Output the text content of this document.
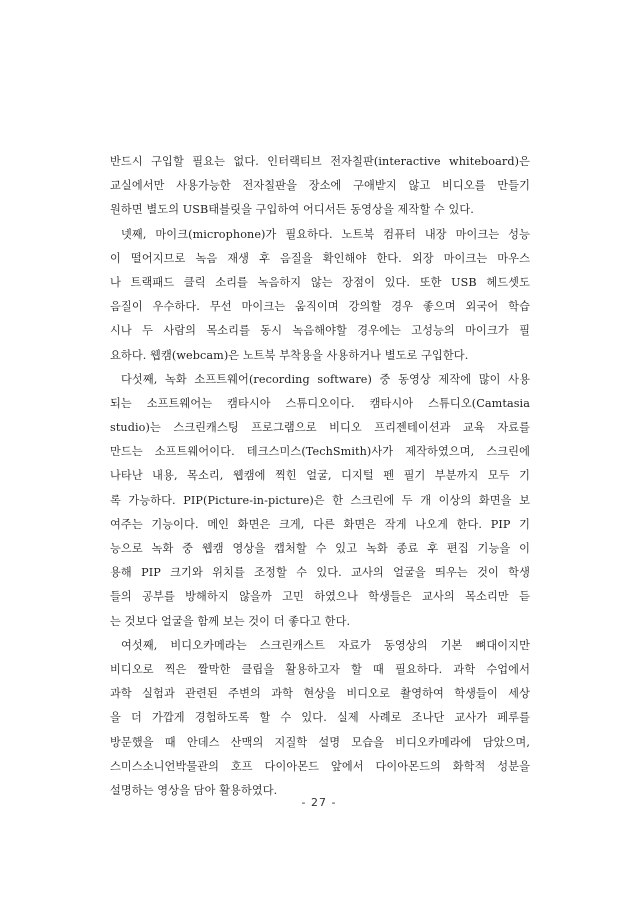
반드시 구입할 필요는 없다. 인터랙티브 전자칠판(interactive whiteboard)은
교실에서만 사용가능한 전자칠판을 장소에 구애받지 않고 비디오를 만들기
원하면 별도의 USB태블릿을 구입하여 어디서든 동영상을 제작할 수 있다.
넷째, 마이크(microphone)가 필요하다. 노트북 컴퓨터 내장 마이크는 성능
이 떨어지므로 녹음 재생 후 음질을 확인해야 한다. 외장 마이크는 마우스
나 트랙패드 클릭 소리를 녹음하지 않는 장점이 있다. 또한 USB 헤드셋도
음질이 우수하다. 무선 마이크는 움직이며 강의할 경우 좋으며 외국어 학습
시나 두 사람의 목소리를 동시 녹음해야할 경우에는 고성능의 마이크가 필
요하다. 웹캠(webcam)은 노트북 부착용을 사용하거나 별도로 구입한다.
다섯째, 녹화 소프트웨어(recording software) 중 동영상 제작에 많이 사용
되는 소프트웨어는 캠타시아 스튜디오이다. 캠타시아 스튜디오(Camtasia
studio)는 스크린캐스팅 프로그램으로 비디오 프리젠테이션과 교육 자료를
만드는 소프트웨어이다. 테크스미스(TechSmith)사가 제작하였으며, 스크린에
나타난 내용, 목소리, 웹캠에 찍힌 얼굴, 디지털 펜 필기 부분까지 모두 기
록 가능하다. PIP(Picture-in-picture)은 한 스크린에 두 개 이상의 화면을 보
여주는 기능이다. 메인 화면은 크게, 다른 화면은 작게 나오게 한다. PIP 기
능으로 녹화 중 웹캠 영상을 캡처할 수 있고 녹화 종료 후 편집 기능을 이
용해 PIP 크기와 위치를 조정할 수 있다. 교사의 얼굴을 띄우는 것이 학생
들의 공부를 방해하지 않을까 고민 하였으나 학생들은 교사의 목소리만 듣
는 것보다 얼굴을 함께 보는 것이 더 좋다고 한다.
여섯째, 비디오카메라는 스크린캐스트 자료가 동영상의 기본 뼈대이지만
비디오로 찍은 짤막한 클립을 활용하고자 할 때 필요하다. 과학 수업에서
과학 실험과 관련된 주변의 과학 현상을 비디오로 촬영하여 학생들이 세상
을 더 가깝게 경험하도록 할 수 있다. 실제 사례로 조나단 교사가 페루를
방문했을 때 안데스 산맥의 지질학 설명 모습을 비디오카메라에 담았으며,
스미스소니언박물관의 호프 다이아몬드 앞에서 다이아몬드의 화학적 성분을
설명하는 영상을 담아 활용하였다.
- 27 -
